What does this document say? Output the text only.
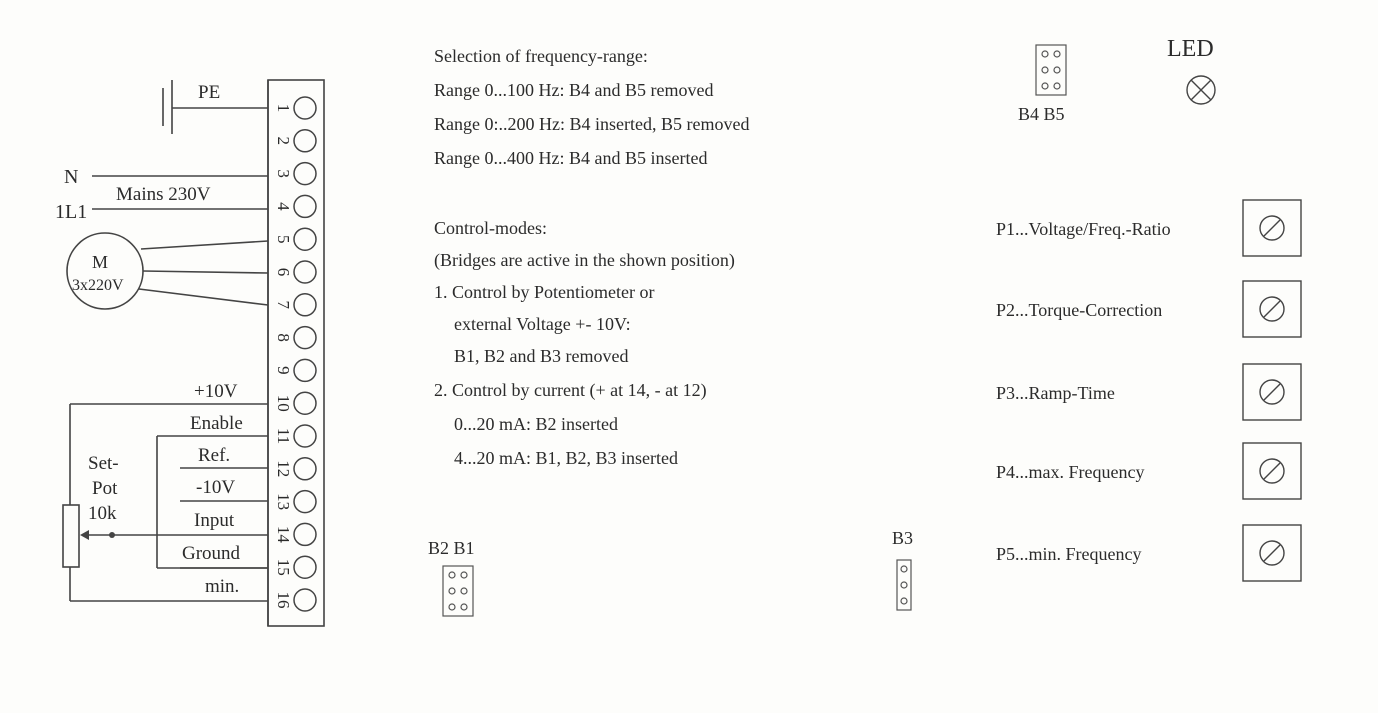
1
2
3
4
5
6
7
8
9
10
11
12
13
14
15
16
PE
N
1L1
Mains 230V
M
3x220V
+10V
Enable
Ref.
-10V
Input
Ground
min.
Set-
Pot
10k
Selection of frequency-range:
Range 0...100 Hz: B4 and B5 removed
Range 0:..200 Hz: B4 inserted, B5 removed
Range 0...400 Hz: B4 and B5 inserted
Control-modes:
(Bridges are active in the shown position)
1. Control by Potentiometer or
external Voltage +- 10V:
B1, B2 and B3 removed
2. Control by current (+ at 14, - at 12)
0...20 mA: B2 inserted
4...20 mA: B1, B2, B3 inserted
B2 B1	B3
B4 B5
LED
P1...Voltage/Freq.-Ratio
P2...Torque-Correction
P3...Ramp-Time
P4...max. Frequency
P5...min. Frequency
